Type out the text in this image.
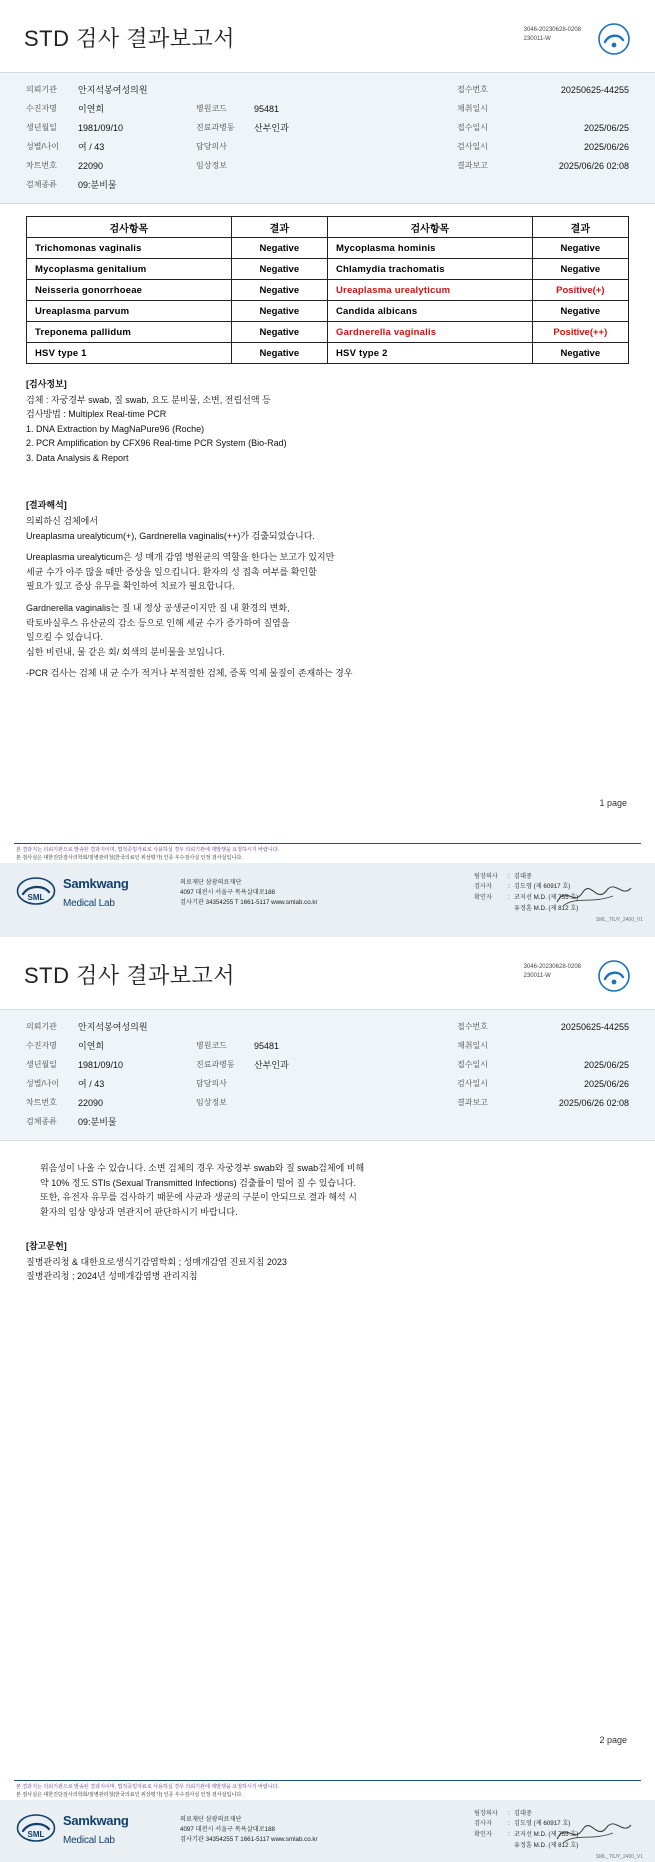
STD 검사 결과보고서	3046-20230628-0208
230011-W
의뢰기관	안지석봉여성의원	접수번호	20250625-44255
수진자명	이연희	병원코드	95481	채취일시
생년월일	1981/09/10	진료과병동	산부인과	접수일시	2025/06/25
성별/나이	여 / 43	담당의사	검사일시	2025/06/26
차트번호	22090	임상정보	결과보고	2025/06/26 02:08
검체종류	09:분비물
검사항목	결과	검사항목	결과
Trichomonas vaginalis	Negative	Mycoplasma hominis	Negative
Mycoplasma genitalium	Negative	Chlamydia trachomatis	Negative
Neisseria gonorrhoeae	Negative	Ureaplasma urealyticum	Positive(+)
Ureaplasma parvum	Negative	Candida albicans	Negative
Treponema pallidum	Negative	Gardnerella vaginalis	Positive(++)
HSV type 1	Negative	HSV type 2	Negative

[검사정보]

검체 : 자궁경부 swab, 질 swab, 요도 분비물, 소변, 전립선액 등

검사방법 : Multiplex Real-time PCR

1. DNA Extraction by MagNaPure96 (Roche)

2. PCR Amplification by CFX96 Real-time PCR System (Bio-Rad)

3. Data Analysis & Report

[결과해석]

의뢰하신 검체에서

Ureaplasma urealyticum(+), Gardnerella vaginalis(++)가 검출되었습니다.

Ureaplasma urealyticum은 성 매개 감염 병원균의 역할을 한다는 보고가 있지만

세균 수가 아주 많을 때만 증상을 일으킵니다. 환자의 성 접촉 여부를 확인할

필요가 있고 증상 유무를 확인하여 치료가 필요합니다.

Gardnerella vaginalis는 질 내 정상 공생균이지만 질 내 환경의 변화,

락토바실루스 유산균의 감소 등으로 인해 세균 수가 증가하여 질염을

일으킬 수 있습니다.

심한 비린내, 물 같은 회/ 회색의 분비물을 보입니다.

-PCR 검사는 검체 내 균 수가 적거나 부적절한 검체, 증폭 억제 물질이 존재하는 경우

1 page
본 결과지는 의뢰기관으로 발송된 결과지이며, 법적증빙자료로 사용하실 경우 의뢰기관에 재발행을 요청하시기 바랍니다.
본 검사실은 대한진단검사의학회/질병관리청(한국의료인 위상평가) 인증 우수검사실 인정 검사실입니다.
SML
Samkwang
Medical Lab
의료재단 삼광의료재단
4097 대전시 서울구 목욕살대로188
검사기관 34354255 T 1661-5117 www.smlab.co.kr
팀장의사	: 김대중
검사자	: 김도영 (제 60917 호)
확인자	: 코지선 M.D. (제 755 호)
유정훈 M.D. (제 812 호)
SML_TIUY_2400_V1
STD 검사 결과보고서	3046-20230628-0208
230011-W
의뢰기관	안지석봉여성의원	접수번호	20250625-44255
수진자명	이연희	병원코드	95481	채취일시
생년월일	1981/09/10	진료과병동	산부인과	접수일시	2025/06/25
성별/나이	여 / 43	담당의사	검사일시	2025/06/26
차트번호	22090	임상정보	결과보고	2025/06/26 02:08
검체종류	09:분비물

위음성이 나올 수 있습니다. 소변 검체의 경우 자궁경부 swab와 질 swab검체에 비해

약 10% 정도 STIs (Sexual Transmitted Infections) 검출률이 떨어 질 수 있습니다.

또한, 유전자 유무를 검사하기 때문에 사균과 생균의 구분이 안되므로 결과 해석 시

환자의 임상 양상과 연관지어 판단하시기 바랍니다.

[참고문헌]

질병관리청 & 대한요로생식기감염학회 ; 성매개감염 진료지침 2023

질병관리청 ; 2024년 성매개감염병 관리지침

2 page
본 결과지는 의뢰기관으로 발송된 결과지이며, 법적증빙자료로 사용하실 경우 의뢰기관에 재발행을 요청하시기 바랍니다.
본 검사실은 대한진단검사의학회/질병관리청(한국의료인 위상평가) 인증 우수검사실 인정 검사실입니다.
SML
Samkwang
Medical Lab
의료재단 삼광의료재단
4097 대전시 서울구 목욕살대로188
검사기관 34354255 T 1661-5117 www.smlab.co.kr
팀장의사	: 김대중
검사자	: 김도영 (제 60917 호)
확인자	: 코지선 M.D. (제 755 호)
유정훈 M.D. (제 812 호)
SML_TIUY_2400_V1
